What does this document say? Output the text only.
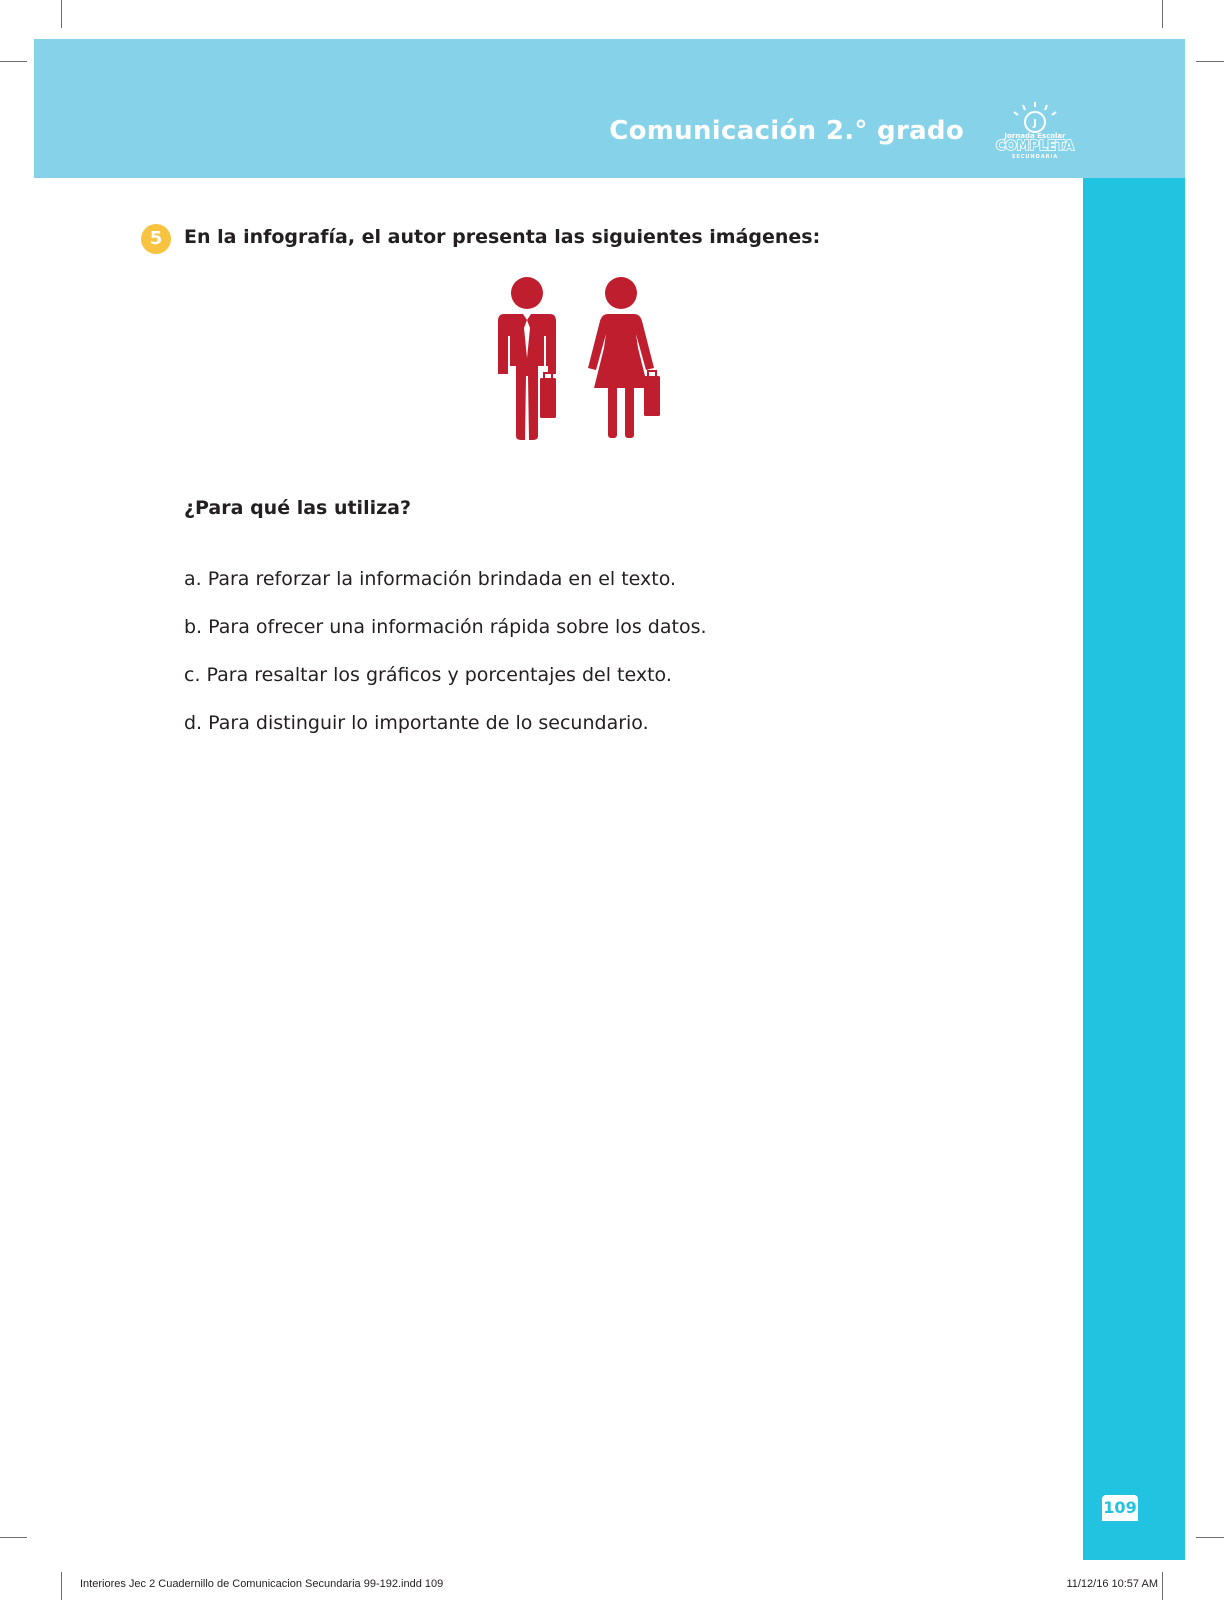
Comunicación 2.° grado	J
Jornada Escolar
COMPLETA
SECUNDARIA
109
5	En la infografía, el autor presenta las siguientes imágenes:
¿Para qué las utiliza?
a. Para reforzar la información brindada en el texto.
b. Para ofrecer una información rápida sobre los datos.
c. Para resaltar los gráficos y porcentajes del texto.
d. Para distinguir lo importante de lo secundario.
Interiores Jec 2 Cuadernillo de Comunicacion Secundaria 99-192.indd 109	11/12/16 10:57 AM
